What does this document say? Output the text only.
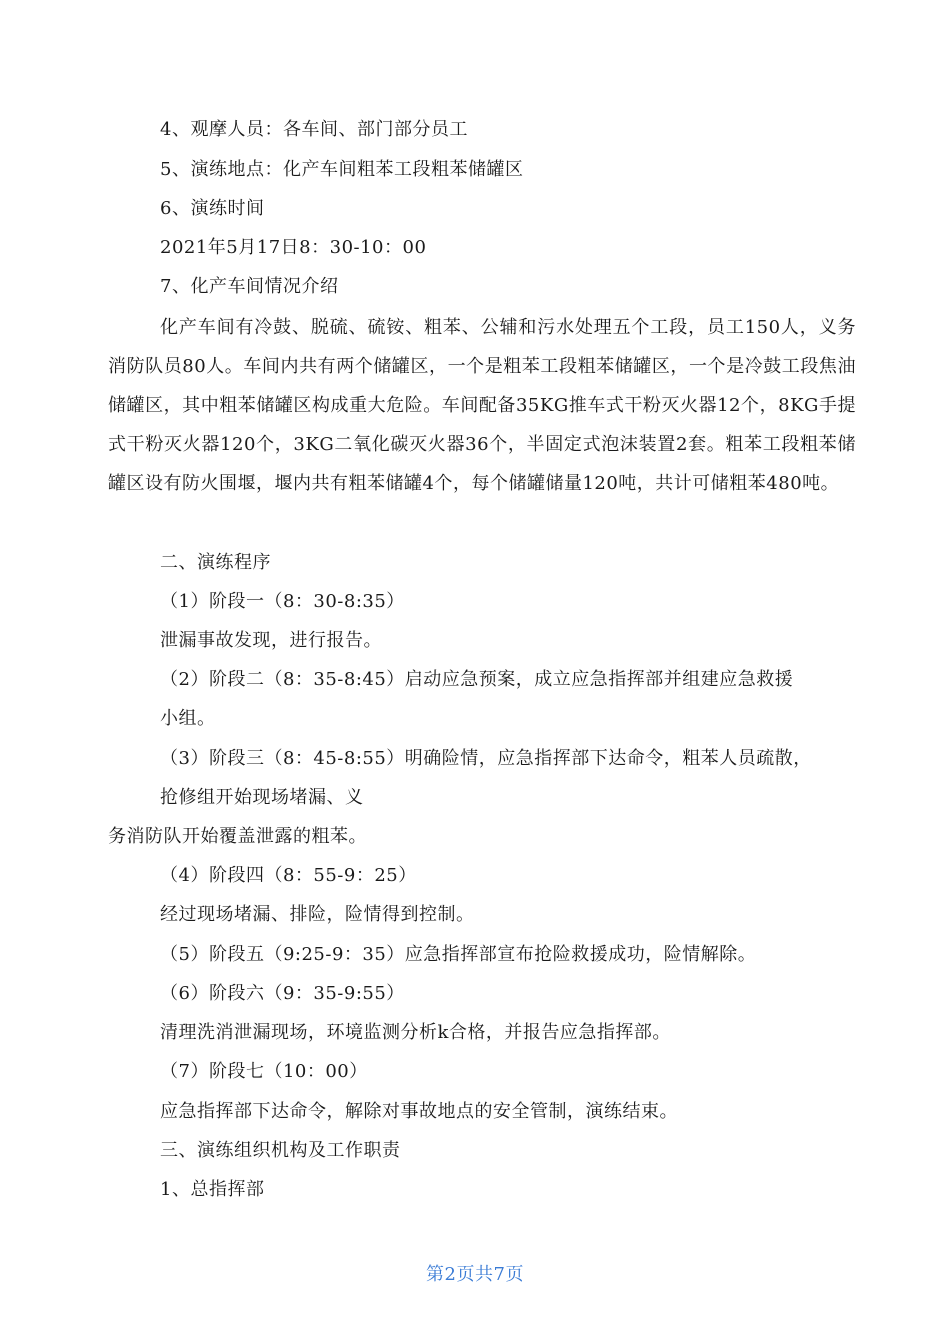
4、观摩人员：各车间、部门部分员工
5、演练地点：化产车间粗苯工段粗苯储罐区
6、演练时间
2021年5月17日8：30-10：00
7、化产车间情况介绍
化产车间有冷鼓、脱硫、硫铵、粗苯、公辅和污水处理五个工段，员工150人，义务消防队员80人。车间内共有两个储罐区，一个是粗苯工段粗苯储罐区，一个是冷鼓工段焦油储罐区，其中粗苯储罐区构成重大危险。车间配备35KG推车式干粉灭火器12个，8KG手提式干粉灭火器120个，3KG二氧化碳灭火器36个，半固定式泡沫装置2套。粗苯工段粗苯储罐区设有防火围堰，堰内共有粗苯储罐4个，每个储罐储量120吨，共计可储粗苯480吨。
二、演练程序
（1）阶段一（8：30-8:35）
泄漏事故发现，进行报告。
（2）阶段二（8：35-8:45）启动应急预案，成立应急指挥部并组建应急救援
小组。
（3）阶段三（8：45-8:55）明确险情，应急指挥部下达命令，粗苯人员疏散，
抢修组开始现场堵漏、义
务消防队开始覆盖泄露的粗苯。
（4）阶段四（8：55-9：25）
经过现场堵漏、排险，险情得到控制。
（5）阶段五（9:25-9：35）应急指挥部宣布抢险救援成功，险情解除。
（6）阶段六（9：35-9:55）
清理洗消泄漏现场，环境监测分析k合格，并报告应急指挥部。
（7）阶段七（10：00）
应急指挥部下达命令，解除对事故地点的安全管制，演练结束。
三、演练组织机构及工作职责
1、总指挥部
第2页共7页
